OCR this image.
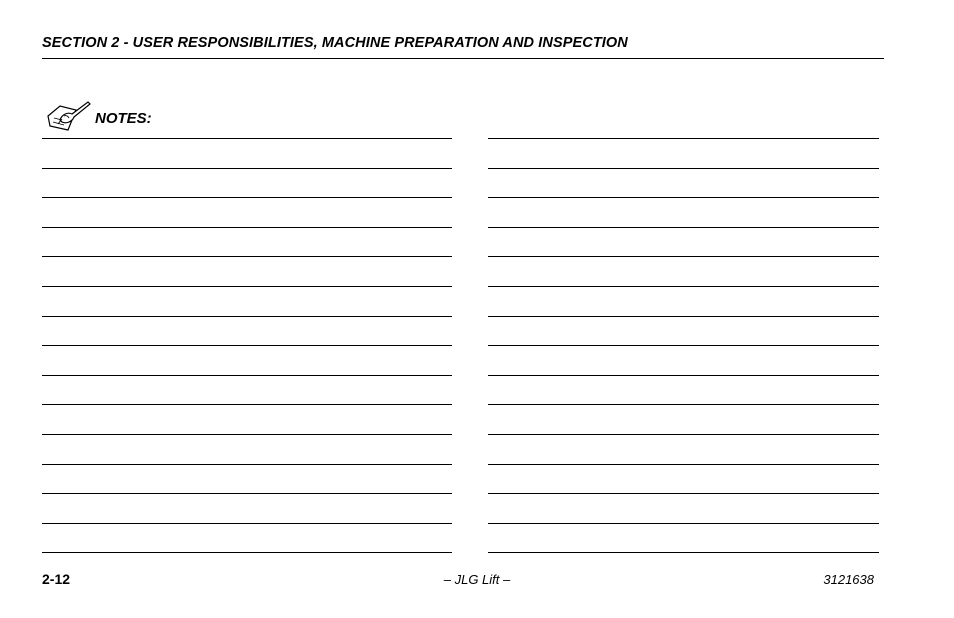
SECTION 2 - USER RESPONSIBILITIES, MACHINE PREPARATION AND INSPECTION
NOTES:
2-12	– JLG Lift –	3121638
